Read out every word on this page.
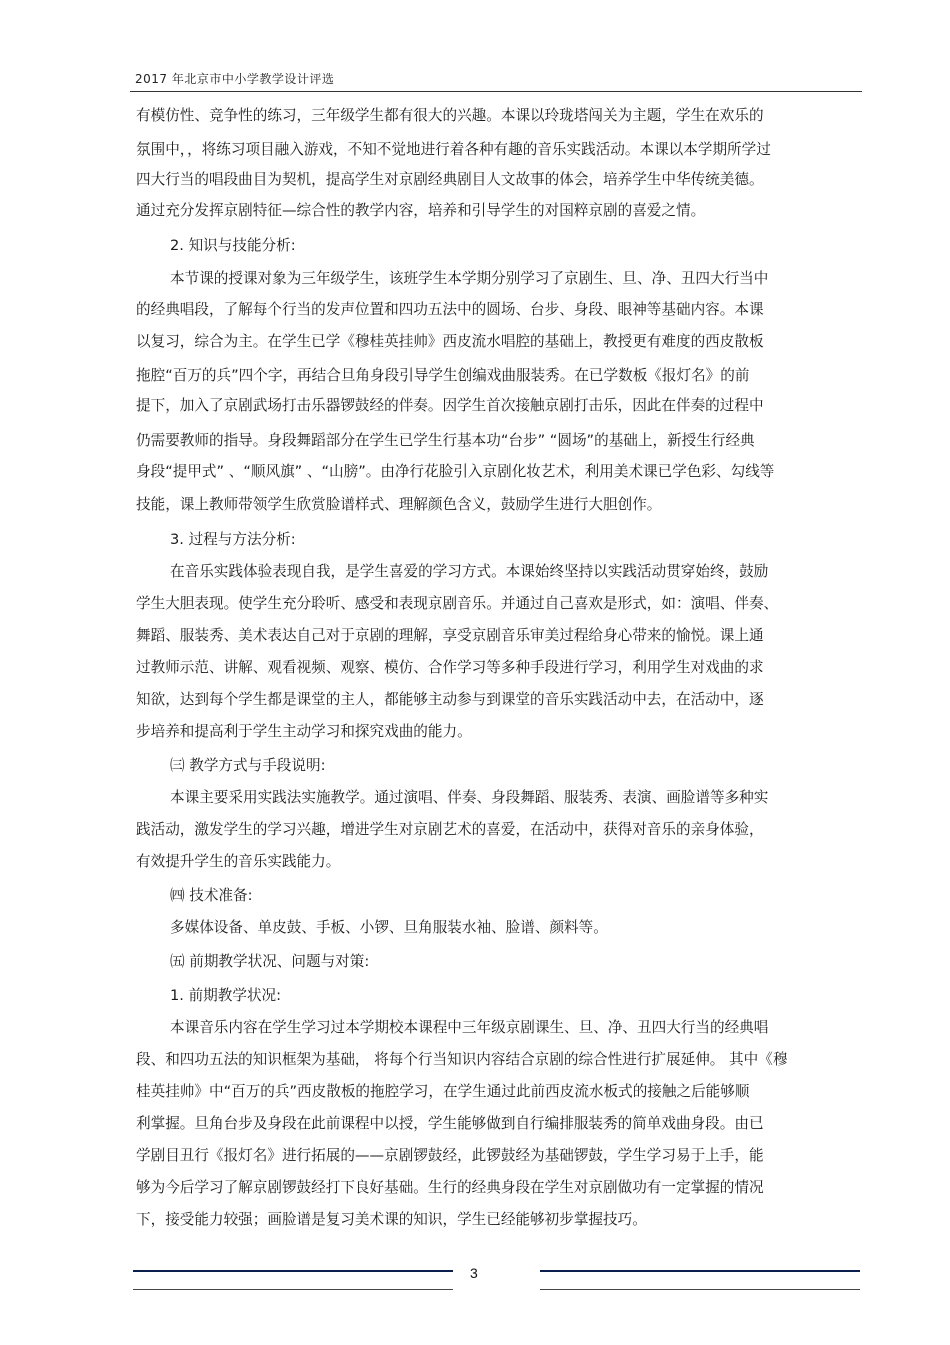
2017 年北京市中小学教学设计评选
有模仿性、竞争性的练习，三年级学生都有很大的兴趣。本课以玲珑塔闯关为主题，学生在欢乐的
氛围中，，将练习项目融入游戏，不知不觉地进行着各种有趣的音乐实践活动。本课以本学期所学过
四大行当的唱段曲目为契机，提高学生对京剧经典剧目人文故事的体会，培养学生中华传统美德。
通过充分发挥京剧特征—综合性的教学内容，培养和引导学生的对国粹京剧的喜爱之情。
2. 知识与技能分析:
本节课的授课对象为三年级学生，该班学生本学期分别学习了京剧生、旦、净、丑四大行当中
的经典唱段，了解每个行当的发声位置和四功五法中的圆场、台步、身段、眼神等基础内容。本课
以复习，综合为主。在学生已学《穆桂英挂帅》西皮流水唱腔的基础上，教授更有难度的西皮散板
拖腔“百万的兵”四个字，再结合旦角身段引导学生创编戏曲服装秀。在已学数板《报灯名》的前
提下，加入了京剧武场打击乐器锣鼓经的伴奏。因学生首次接触京剧打击乐，因此在伴奏的过程中
仍需要教师的指导。身段舞蹈部分在学生已学生行基本功“台步” “圆场”的基础上，新授生行经典
身段“提甲式” 、“顺风旗” 、“山膀”。由净行花脸引入京剧化妆艺术，利用美术课已学色彩、勾线等
技能，课上教师带领学生欣赏脸谱样式、理解颜色含义，鼓励学生进行大胆创作。
3. 过程与方法分析:
在音乐实践体验表现自我，是学生喜爱的学习方式。本课始终坚持以实践活动贯穿始终，鼓励
学生大胆表现。使学生充分聆听、感受和表现京剧音乐。并通过自己喜欢是形式，如：演唱、伴奏、
舞蹈、服装秀、美术表达自己对于京剧的理解，享受京剧音乐审美过程给身心带来的愉悦。课上通
过教师示范、讲解、观看视频、观察、模仿、合作学习等多种手段进行学习，利用学生对戏曲的求
知欲，达到每个学生都是课堂的主人，都能够主动参与到课堂的音乐实践活动中去，在活动中，逐
步培养和提高利于学生主动学习和探究戏曲的能力。
㈢ 教学方式与手段说明:
本课主要采用实践法实施教学。通过演唱、伴奏、身段舞蹈、服装秀、表演、画脸谱等多种实
践活动，激发学生的学习兴趣，增进学生对京剧艺术的喜爱，在活动中，获得对音乐的亲身体验，
有效提升学生的音乐实践能力。
㈣ 技术准备:
多媒体设备、单皮鼓、手板、小锣、旦角服装水袖、脸谱、颜料等。
㈤ 前期教学状况、问题与对策:
1. 前期教学状况:
本课音乐内容在学生学习过本学期校本课程中三年级京剧课生、旦、净、丑四大行当的经典唱
段、和四功五法的知识框架为基础， 将每个行当知识内容结合京剧的综合性进行扩展延伸。 其中《穆
桂英挂帅》中“百万的兵”西皮散板的拖腔学习，在学生通过此前西皮流水板式的接触之后能够顺
利掌握。旦角台步及身段在此前课程中以授，学生能够做到自行编排服装秀的简单戏曲身段。由已
学剧目丑行《报灯名》进行拓展的——京剧锣鼓经，此锣鼓经为基础锣鼓，学生学习易于上手，能
够为今后学习了解京剧锣鼓经打下良好基础。生行的经典身段在学生对京剧做功有一定掌握的情况
下，接受能力较强；画脸谱是复习美术课的知识，学生已经能够初步掌握技巧。
3
